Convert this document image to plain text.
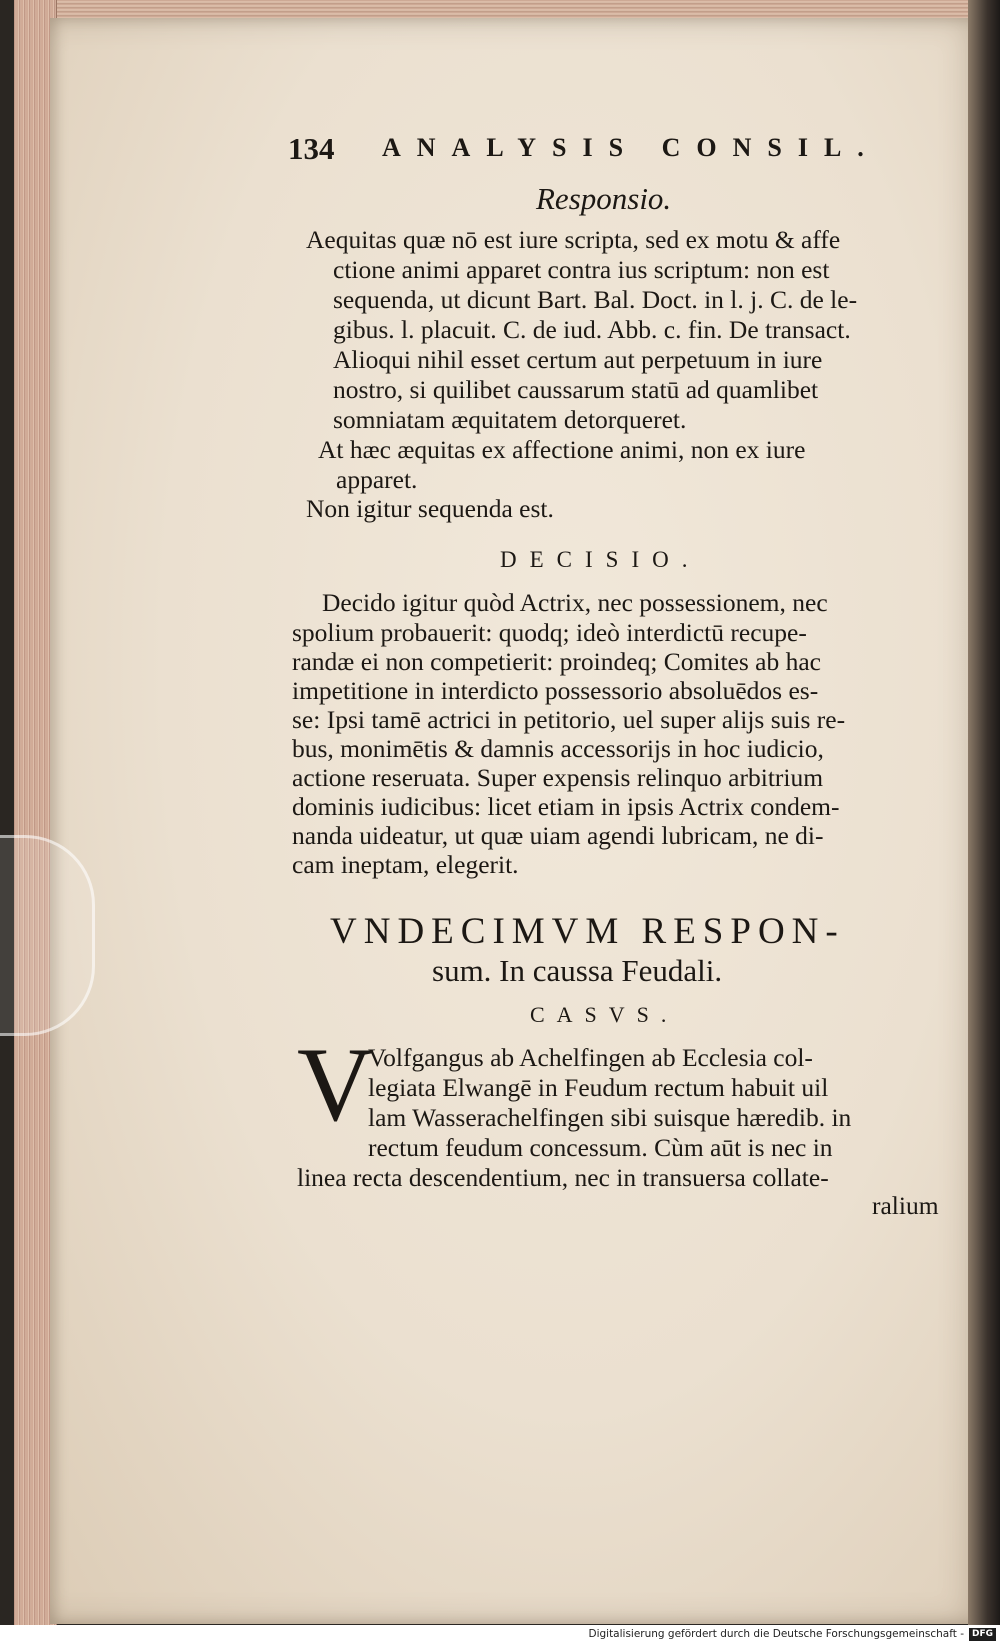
134 ANALYSIS CONSIL.
Responsio.
Aequitas quæ nō est iure scripta, sed ex motu & affe
ctione animi apparet contra ius scriptum: non est
sequenda, ut dicunt Bart. Bal. Doct. in l. j. C. de le-
gibus. l. placuit. C. de iud. Abb. c. fin. De transact.
Alioqui nihil esset certum aut perpetuum in iure
nostro, si quilibet caussarum statū ad quamlibet
somniatam æquitatem detorqueret.
At hæc æquitas ex affectione animi, non ex iure
apparet.
Non igitur sequenda est.
DECISIO.
Decido igitur quòd Actrix, nec possessionem, nec
spolium probauerit: quodq; ideò interdictū recupe-
randæ ei non competierit: proindeq; Comites ab hac
impetitione in interdicto possessorio absoluēdos es-
se: Ipsi tamē actrici in petitorio, uel super alijs suis re-
bus, monimētis & damnis accessorijs in hoc iudicio,
actione reseruata. Super expensis relinquo arbitrium
dominis iudicibus: licet etiam in ipsis Actrix condem-
nanda uideatur, ut quæ uiam agendi lubricam, ne di-
cam ineptam, elegerit.
VNDECIMVM RESPON-
sum. In caussa Feudali.
CASVS.
V
Volfgangus ab Achelfingen ab Ecclesia col-
legiata Elwangē in Feudum rectum habuit uil
lam Wasserachelfingen sibi suisque hæredib. in
rectum feudum concessum. Cùm aūt is nec in
linea recta descendentium, nec in transuersa collate-
ralium
Digitalisierung gefördert durch die Deutsche Forschungsgemeinschaft - DFG
